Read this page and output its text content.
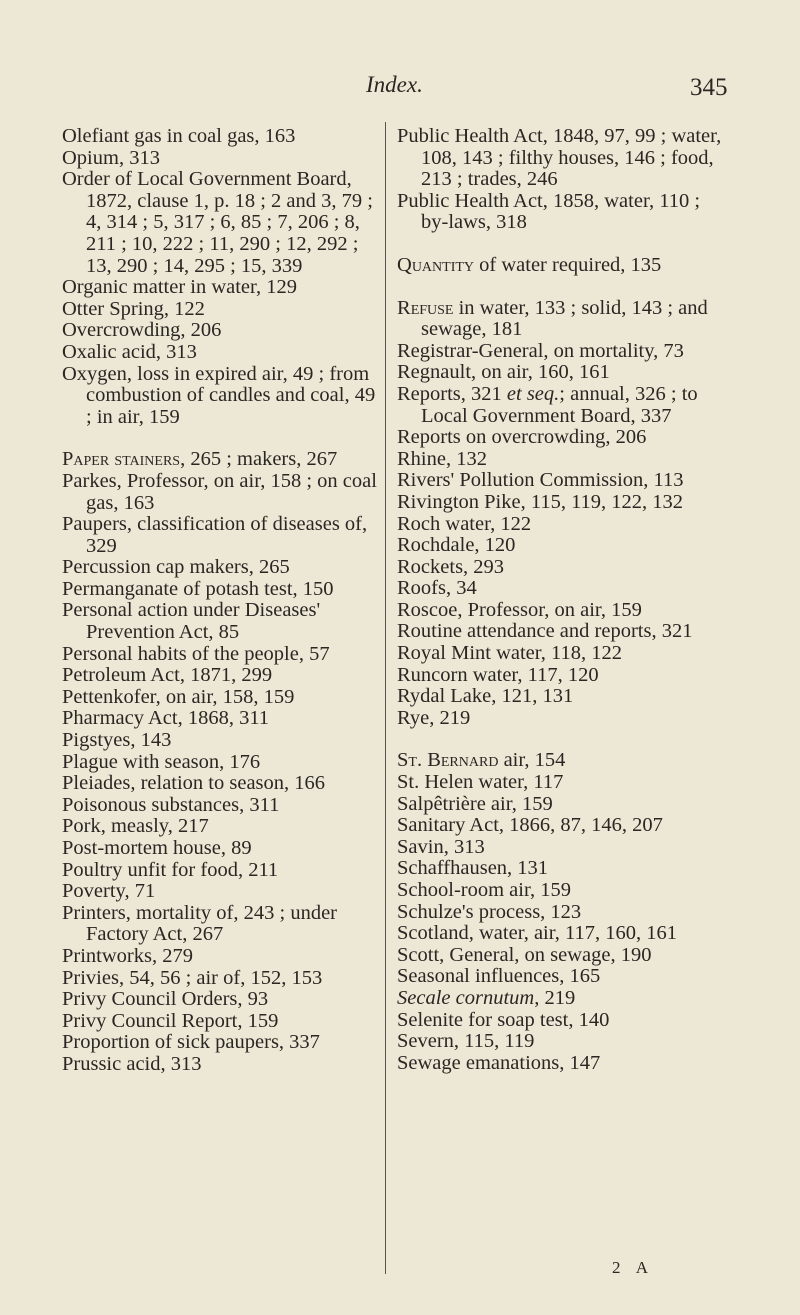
Index.	345
Olefiant gas in coal gas, 163
Opium, 313
Order of Local Government Board, 1872, clause 1, p. 18 ; 2 and 3, 79 ; 4, 314 ; 5, 317 ; 6, 85 ; 7, 206 ; 8, 211 ; 10, 222 ; 11, 290 ; 12, 292 ; 13, 290 ; 14, 295 ; 15, 339
Organic matter in water, 129
Otter Spring, 122
Overcrowding, 206
Oxalic acid, 313
Oxygen, loss in expired air, 49 ; from combustion of candles and coal, 49 ; in air, 159
Paper stainers, 265 ; makers, 267
Parkes, Professor, on air, 158 ; on coal gas, 163
Paupers, classification of diseases of, 329
Percussion cap makers, 265
Permanganate of potash test, 150
Personal action under Diseases' Prevention Act, 85
Personal habits of the people, 57
Petroleum Act, 1871, 299
Pettenkofer, on air, 158, 159
Pharmacy Act, 1868, 311
Pigstyes, 143
Plague with season, 176
Pleiades, relation to season, 166
Poisonous substances, 311
Pork, measly, 217
Post-mortem house, 89
Poultry unfit for food, 211
Poverty, 71
Printers, mortality of, 243 ; under Factory Act, 267
Printworks, 279
Privies, 54, 56 ; air of, 152, 153
Privy Council Orders, 93
Privy Council Report, 159
Proportion of sick paupers, 337
Prussic acid, 313
Public Health Act, 1848, 97, 99 ; water, 108, 143 ; filthy houses, 146 ; food, 213 ; trades, 246
Public Health Act, 1858, water, 110 ; by-laws, 318
Quantity of water required, 135
Refuse in water, 133 ; solid, 143 ; and sewage, 181
Registrar-General, on mortality, 73
Regnault, on air, 160, 161
Reports, 321 et seq.; annual, 326 ; to Local Government Board, 337
Reports on overcrowding, 206
Rhine, 132
Rivers' Pollution Commission, 113
Rivington Pike, 115, 119, 122, 132
Roch water, 122
Rochdale, 120
Rockets, 293
Roofs, 34
Roscoe, Professor, on air, 159
Routine attendance and reports, 321
Royal Mint water, 118, 122
Runcorn water, 117, 120
Rydal Lake, 121, 131
Rye, 219
St. Bernard air, 154
St. Helen water, 117
Salpêtrière air, 159
Sanitary Act, 1866, 87, 146, 207
Savin, 313
Schaffhausen, 131
School-room air, 159
Schulze's process, 123
Scotland, water, air, 117, 160, 161
Scott, General, on sewage, 190
Seasonal influences, 165
Secale cornutum, 219
Selenite for soap test, 140
Severn, 115, 119
Sewage emanations, 147
2 A
